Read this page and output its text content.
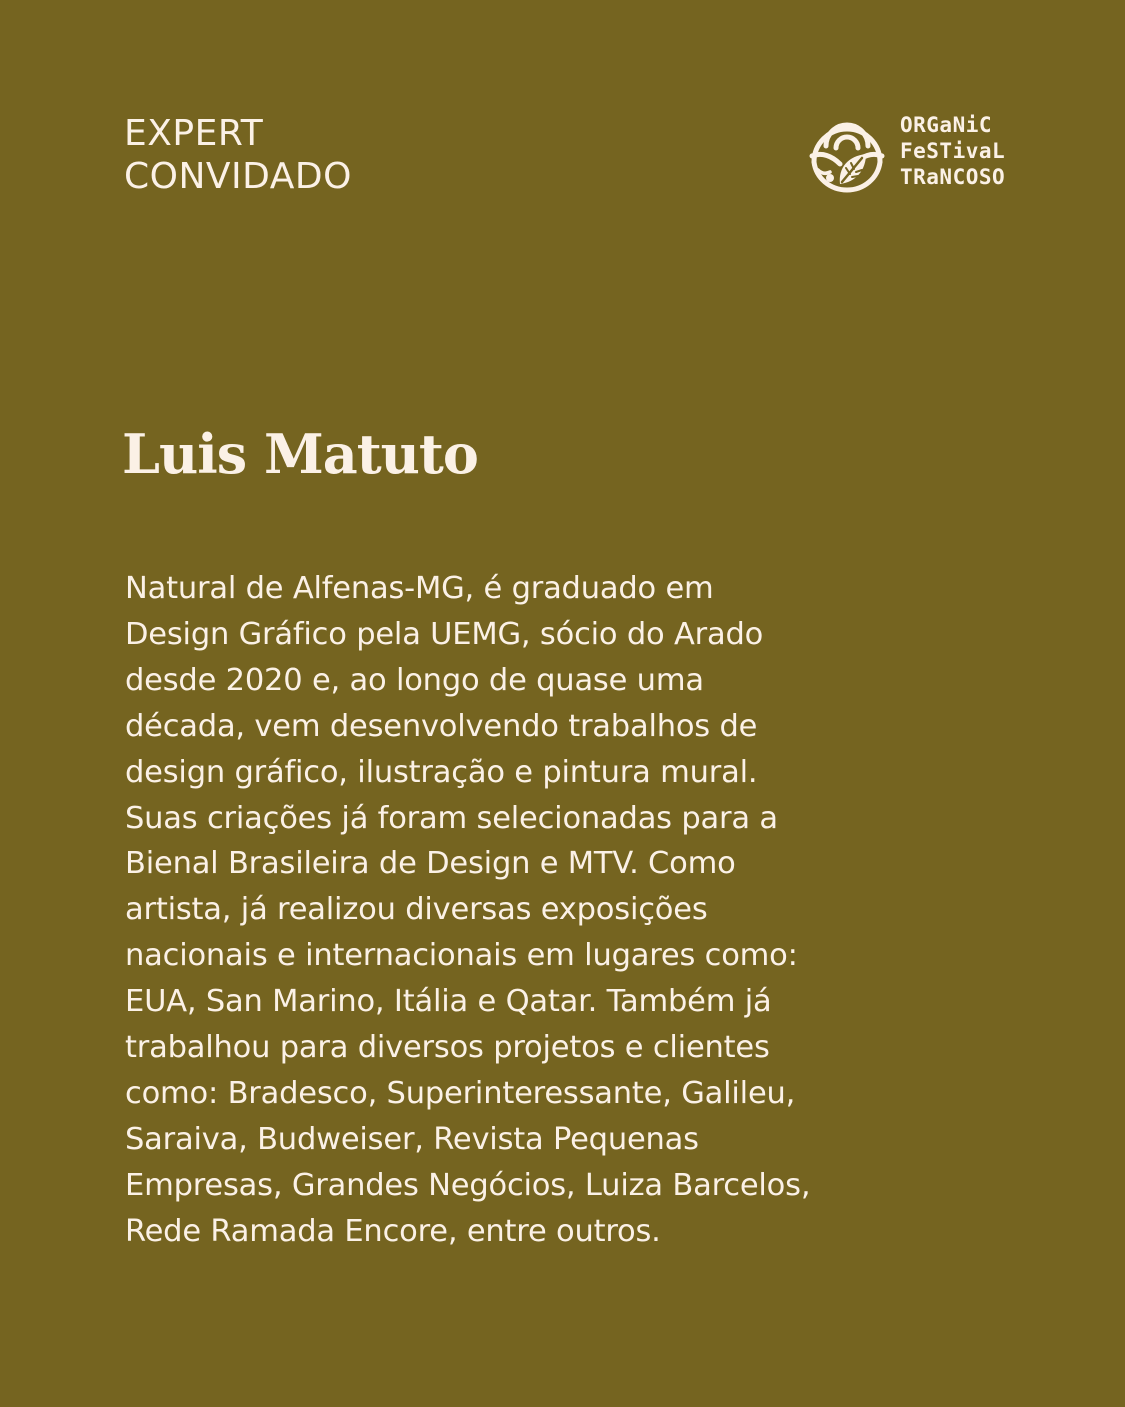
EXPERT
CONVIDADO
ORGaNiC
FeSTivaL
TRaNCOSO
Luis Matuto

Natural de Alfenas-MG, é graduado em
Design Gráfico pela UEMG, sócio do Arado
desde 2020 e, ao longo de quase uma
década, vem desenvolvendo trabalhos de
design gráfico, ilustração e pintura mural.
Suas criações já foram selecionadas para a
Bienal Brasileira de Design e MTV. Como
artista, já realizou diversas exposições
nacionais e internacionais em lugares como:
EUA, San Marino, Itália e Qatar. Também já
trabalhou para diversos projetos e clientes
como: Bradesco, Superinteressante, Galileu,
Saraiva, Budweiser, Revista Pequenas
Empresas, Grandes Negócios, Luiza Barcelos,
Rede Ramada Encore, entre outros.
